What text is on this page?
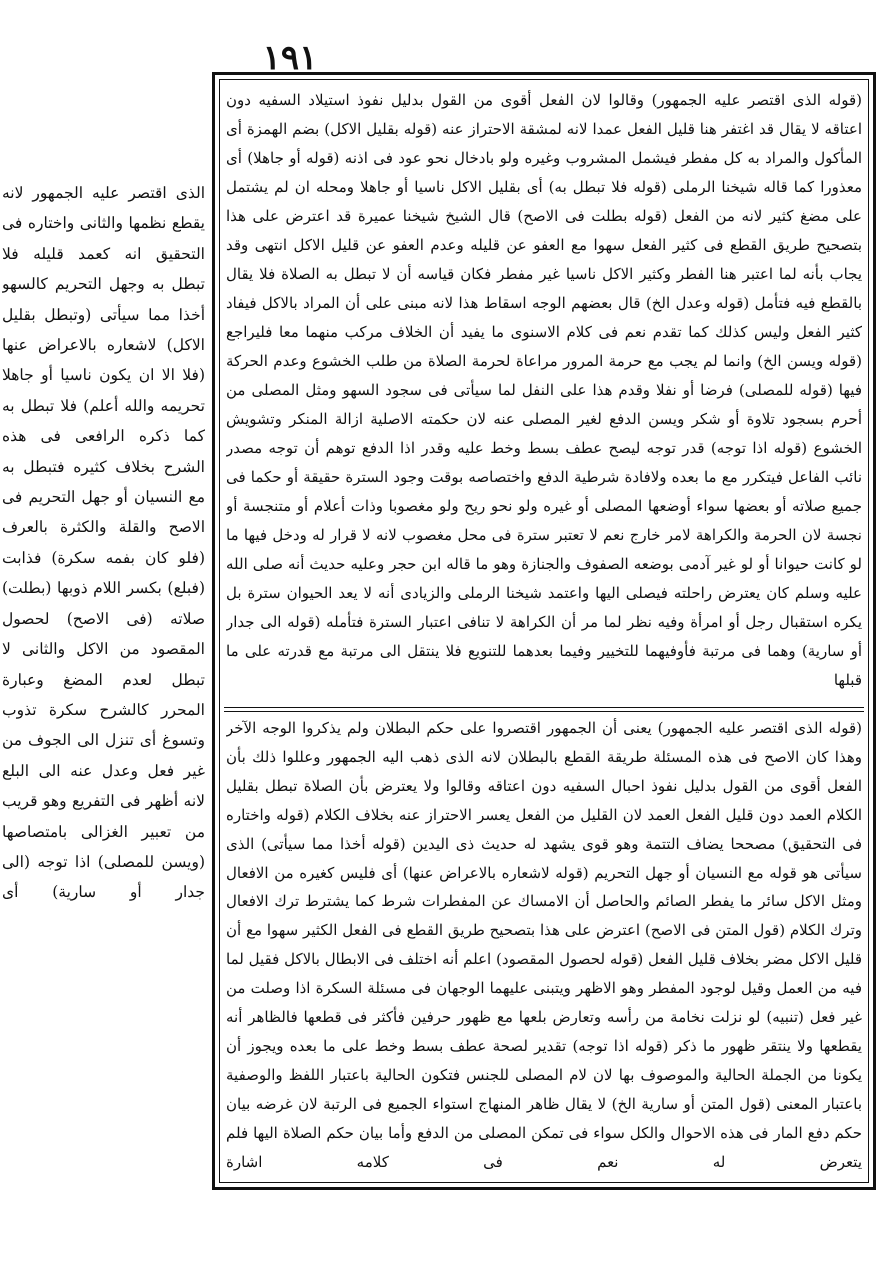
١٩١

(قوله الذى اقتصر عليه الجمهور) وقالوا لان الفعل أقوى من القول بدليل نفوذ استيلاد السفيه دون اعتاقه لا يقال قد اغتفر هنا قليل الفعل عمدا لانه لمشقة الاحتراز عنه (قوله بقليل الاكل) بضم الهمزة أى المأكول والمراد به كل مفطر فيشمل المشروب وغيره ولو بادخال نحو عود فى اذنه (قوله أو جاهلا) أى معذورا كما قاله شيخنا الرملى (قوله فلا تبطل به) أى بقليل الاكل ناسيا أو جاهلا ومحله ان لم يشتمل على مضغ كثير لانه من الفعل (قوله بطلت فى الاصح) قال الشيخ شيخنا عميرة قد اعترض على هذا بتصحيح طريق القطع فى كثير الفعل سهوا مع العفو عن قليله وعدم العفو عن قليل الاكل انتهى وقد يجاب بأنه لما اعتبر هنا الفطر وكثير الاكل ناسيا غير مفطر فكان قياسه أن لا تبطل به الصلاة فلا يقال بالقطع فيه فتأمل (قوله وعدل الخ) قال بعضهم الوجه اسقاط هذا لانه مبنى على أن المراد بالاكل فيفاد كثير الفعل وليس كذلك كما تقدم نعم فى كلام الاسنوى ما يفيد أن الخلاف مركب منهما معا فليراجع (قوله ويسن الخ) وانما لم يجب مع حرمة المرور مراعاة لحرمة الصلاة من طلب الخشوع وعدم الحركة فيها (قوله للمصلى) فرضا أو نفلا وقدم هذا على النفل لما سيأتى فى سجود السهو ومثل المصلى من أحرم بسجود تلاوة أو شكر ويسن الدفع لغير المصلى عنه لان حكمته الاصلية ازالة المنكر وتشويش الخشوع (قوله اذا توجه) قدر توجه ليصح عطف بسط وخط عليه وقدر اذا الدفع توهم أن توجه مصدر نائب الفاعل فيتكرر مع ما بعده ولافادة شرطية الدفع واختصاصه بوقت وجود السترة حقيقة أو حكما فى جميع صلاته أو بعضها سواء أوضعها المصلى أو غيره ولو نحو ريح ولو مغصوبا وذات أعلام أو متنجسة أو نجسة لان الحرمة والكراهة لامر خارج نعم لا تعتبر سترة فى محل مغصوب لانه لا قرار له ودخل فيها ما لو كانت حيوانا أو لو غير آدمى بوضعه الصفوف والجنازة وهو ما قاله ابن حجر وعليه حديث أنه صلى الله عليه وسلم كان يعترض راحلته فيصلى اليها واعتمد شيخنا الرملى والزيادى أنه لا يعد الحيوان سترة بل يكره استقبال رجل أو امرأة وفيه نظر لما مر أن الكراهة لا تنافى اعتبار السترة فتأمله (قوله الى جدار أو سارية) وهما فى مرتبة فأوفيهما للتخيير وفيما بعدهما للتنويع فلا ينتقل الى مرتبة مع قدرته على ما قبلها

(قوله الذى اقتصر عليه الجمهور) يعنى أن الجمهور اقتصروا على حكم البطلان ولم يذكروا الوجه الآخر وهذا كان الاصح فى هذه المسئلة طريقة القطع بالبطلان لانه الذى ذهب اليه الجمهور وعللوا ذلك بأن الفعل أقوى من القول بدليل نفوذ احبال السفيه دون اعتاقه وقالوا ولا يعترض بأن الصلاة تبطل بقليل الكلام العمد دون قليل الفعل العمد لان القليل من الفعل يعسر الاحتراز عنه بخلاف الكلام (قوله واختاره فى التحقيق) مصححا يضاف التتمة وهو قوى يشهد له حديث ذى اليدين (قوله أخذا مما سيأتى) الذى سيأتى هو قوله مع النسيان أو جهل التحريم (قوله لاشعاره بالاعراض عنها) أى فليس كغيره من الافعال ومثل الاكل سائر ما يفطر الصائم والحاصل أن الامساك عن المفطرات شرط كما يشترط ترك الافعال وترك الكلام (قول المتن فى الاصح) اعترض على هذا بتصحيح طريق القطع فى الفعل الكثير سهوا مع أن قليل الاكل مضر بخلاف قليل الفعل (قوله لحصول المقصود) اعلم أنه اختلف فى الابطال بالاكل فقيل لما فيه من العمل وقيل لوجود المفطر وهو الاظهر ويتبنى عليهما الوجهان فى مسئلة السكرة اذا وصلت من غير فعل (تنبيه) لو نزلت نخامة من رأسه وتعارض بلعها مع ظهور حرفين فأكثر فى قطعها فالظاهر أنه يقطعها ولا ينتقر ظهور ما ذكر (قوله اذا توجه) تقدير لصحة عطف بسط وخط على ما بعده ويجوز أن يكونا من الجملة الحالية والموصوف بها لان لام المصلى للجنس فتكون الحالية باعتبار اللفظ والوصفية باعتبار المعنى (قول المتن أو سارية الخ) لا يقال ظاهر المنهاج استواء الجميع فى الرتبة لان غرضه بيان حكم دفع المار فى هذه الاحوال والكل سواء فى تمكن المصلى من الدفع وأما بيان حكم الصلاة اليها فلم يتعرض له نعم فى كلامه اشارة

الذى اقتصر عليه الجمهور لانه يقطع نظمها والثانى واختاره فى التحقيق انه كعمد قليله فلا تبطل به وجهل التحريم كالسهو أخذا مما سيأتى (وتبطل بقليل الاكل) لاشعاره بالاعراض عنها (فلا الا ان يكون ناسيا أو جاهلا تحريمه والله أعلم) فلا تبطل به كما ذكره الرافعى فى هذه الشرح بخلاف كثيره فتبطل به مع النسيان أو جهل التحريم فى الاصح والقلة والكثرة بالعرف (فلو كان بفمه سكرة) فذابت (فبلع) بكسر اللام ذوبها (بطلت) صلاته (فى الاصح) لحصول المقصود من الاكل والثانى لا تبطل لعدم المضغ وعبارة المحرر كالشرح سكرة تذوب وتسوغ أى تنزل الى الجوف من غير فعل وعدل عنه الى البلع لانه أظهر فى التفريع وهو قريب من تعبير الغزالى بامتصاصها (ويسن للمصلى) اذا توجه (الى جدار أو سارية) أى
